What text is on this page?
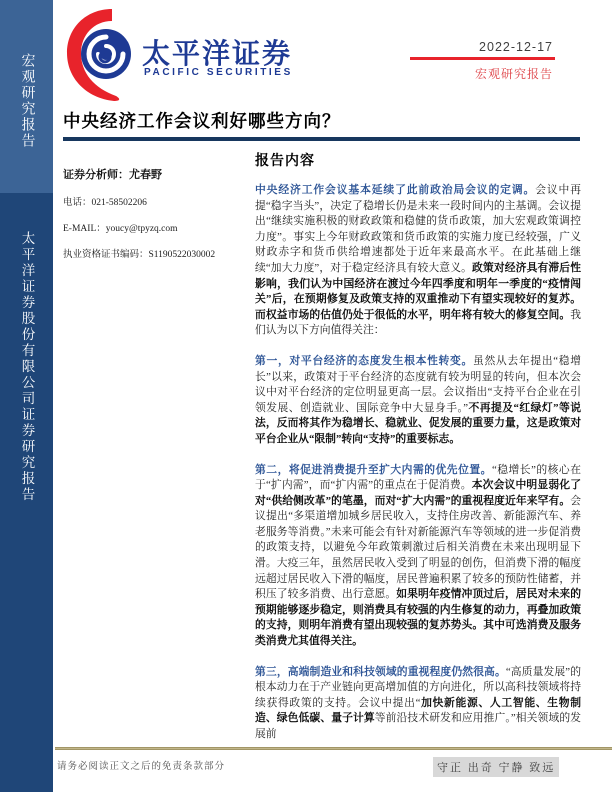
宏观研究报告
太平洋证券股份有限公司证券研究报告
太平洋证券
PACIFIC SECURITIES
2022-12-17
宏观研究报告
中央经济工作会议利好哪些方向？

证券分析师：尤春野

电话：021-58502206

E-MAIL：youcy@tpyzq.com

执业资格证书编码：S1190522030002

报告内容

中央经济工作会议基本延续了此前政治局会议的定调。会议中再提“稳字当头”，决定了稳增长仍是未来一段时间内的主基调。会议提出“继续实施积极的财政政策和稳健的货币政策，加大宏观政策调控力度”。事实上今年财政政策和货币政策的实施力度已经较强，广义财政赤字和货币供给增速都处于近年来最高水平。在此基础上继续“加大力度”，对于稳定经济具有较大意义。政策对经济具有滞后性影响，我们认为中国经济在渡过今年四季度和明年一季度的“疫情闯关”后，在预期修复及政策支持的双重推动下有望实现较好的复苏。而权益市场的估值仍处于很低的水平，明年将有较大的修复空间。我们认为以下方向值得关注：

第一，对平台经济的态度发生根本性转变。虽然从去年提出“稳增长”以来，政策对于平台经济的态度就有较为明显的转向，但本次会议中对平台经济的定位明显更高一层。会议指出“支持平台企业在引领发展、创造就业、国际竞争中大显身手。”不再提及“红绿灯”等说法，反而将其作为稳增长、稳就业、促发展的重要力量，这是政策对平台企业从“限制”转向“支持”的重要标志。

第二，将促进消费提升至扩大内需的优先位置。“稳增长”的核心在于“扩内需”，而“扩内需”的重点在于促消费。本次会议中明显弱化了对“供给侧改革”的笔墨，而对“扩大内需”的重视程度近年来罕有。会议提出“多渠道增加城乡居民收入，支持住房改善、新能源汽车、养老服务等消费。”未来可能会有针对新能源汽车等领域的进一步促消费的政策支持，以避免今年政策刺激过后相关消费在未来出现明显下滑。大疫三年，虽然居民收入受到了明显的创伤，但消费下滑的幅度远超过居民收入下滑的幅度，居民普遍积累了较多的预防性储蓄，并积压了较多消费、出行意愿。如果明年疫情冲顶过后，居民对未来的预期能够逐步稳定，则消费具有较强的内生修复的动力，再叠加政策的支持，则明年消费有望出现较强的复苏势头。其中可选消费及服务类消费尤其值得关注。

第三，高端制造业和科技领域的重视程度仍然很高。“高质量发展”的根本动力在于产业链向更高增加值的方向进化，所以高科技领域将持续获得政策的支持。会议中提出“加快新能源、人工智能、生物制造、绿色低碳、量子计算等前沿技术研发和应用推广。”相关领域的发展前

请务必阅读正文之后的免责条款部分	守正 出奇 宁静 致远
